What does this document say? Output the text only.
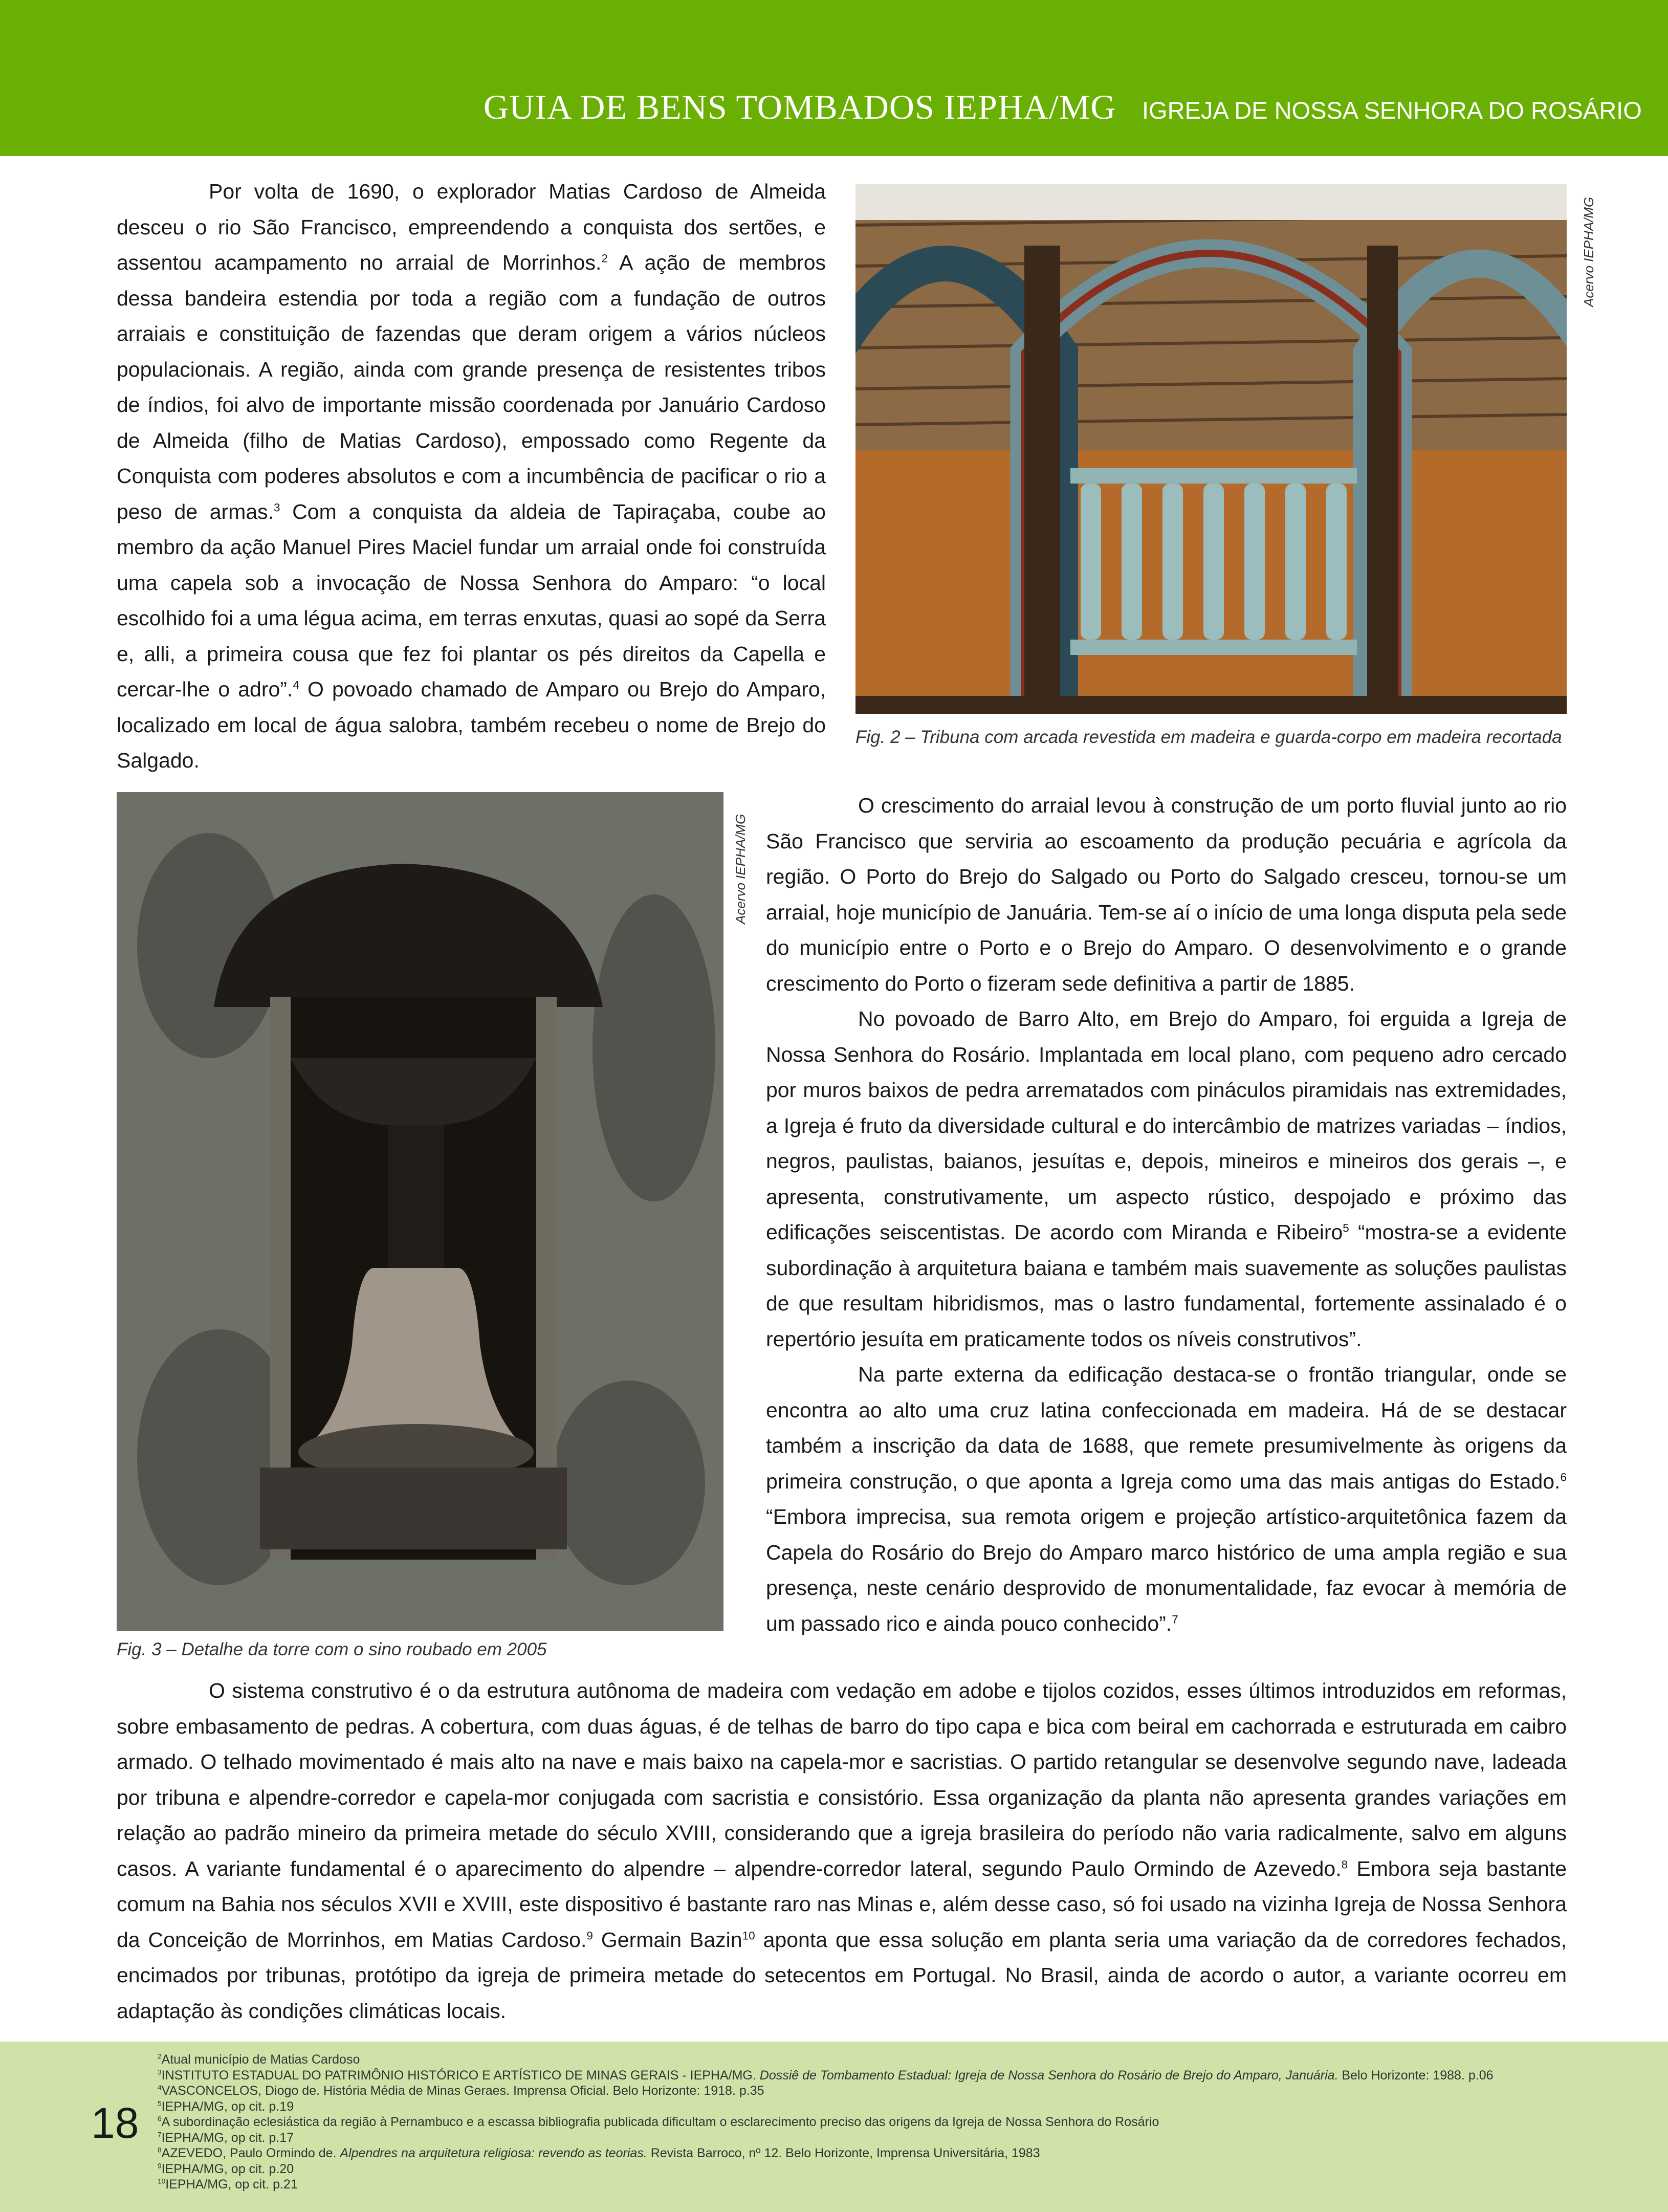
GUIA DE BENS TOMBADOS IEPHA/MG IGREJA DE NOSSA SENHORA DO ROSÁRIO

Por volta de 1690, o explorador Matias Cardoso de Almeida desceu o rio São Francisco, empreendendo a conquista dos sertões, e assentou acampamento no arraial de Morrinhos.$^2$ A ação de membros dessa bandeira estendia por toda a região com a fundação de outros arraiais e constituição de fazendas que deram origem a vários núcleos populacionais. A região, ainda com grande presença de resistentes tribos de índios, foi alvo de importante missão coordenada por Januário Cardoso de Almeida (filho de Matias Cardoso), empossado como Regente da Conquista com poderes absolutos e com a incumbência de pacificar o rio a peso de armas.$^3$ Com a conquista da aldeia de Tapiraçaba, coube ao membro da ação Manuel Pires Maciel fundar um arraial onde foi construída uma capela sob a invocação de Nossa Senhora do Amparo: “o local escolhido foi a uma légua acima, em terras enxutas, quasi ao sopé da Serra e, alli, a primeira cousa que fez foi plantar os pés direitos da Capella e cercar-lhe o adro”.$^4$ O povoado chamado de Amparo ou Brejo do Amparo, localizado em local de água salobra, também recebeu o nome de Brejo do Salgado.

Acervo IEPHA/MG
Fig. 2 – Tribuna com arcada revestida em madeira e guarda-corpo em madeira recortada
Acervo IEPHA/MG
Fig. 3 – Detalhe da torre com o sino roubado em 2005

O crescimento do arraial levou à construção de um porto fluvial junto ao rio São Francisco que serviria ao escoamento da produção pecuária e agrícola da região. O Porto do Brejo do Salgado ou Porto do Salgado cresceu, tornou-se um arraial, hoje município de Januária. Tem-se aí o início de uma longa disputa pela sede do município entre o Porto e o Brejo do Amparo. O desenvolvimento e o grande crescimento do Porto o fizeram sede definitiva a partir de 1885.

No povoado de Barro Alto, em Brejo do Amparo, foi erguida a Igreja de Nossa Senhora do Rosário. Implantada em local plano, com pequeno adro cercado por muros baixos de pedra arrematados com pináculos piramidais nas extremidades, a Igreja é fruto da diversidade cultural e do intercâmbio de matrizes variadas – índios, negros, paulistas, baianos, jesuítas e, depois, mineiros e mineiros dos gerais –, e apresenta, construtivamente, um aspecto rústico, despojado e próximo das edificações seiscentistas. De acordo com Miranda e Ribeiro$^5$ “mostra-se a evidente subordinação à arquitetura baiana e também mais suavemente as soluções paulistas de que resultam hibridismos, mas o lastro fundamental, fortemente assinalado é o repertório jesuíta em praticamente todos os níveis construtivos”.

Na parte externa da edificação destaca-se o frontão triangular, onde se encontra ao alto uma cruz latina confeccionada em madeira. Há de se destacar também a inscrição da data de 1688, que remete presumivelmente às origens da primeira construção, o que aponta a Igreja como uma das mais antigas do Estado.$^6$ “Embora imprecisa, sua remota origem e projeção artístico-arquitetônica fazem da Capela do Rosário do Brejo do Amparo marco histórico de uma ampla região e sua presença, neste cenário desprovido de monumentalidade, faz evocar à memória de um passado rico e ainda pouco conhecido”.$^7$

O sistema construtivo é o da estrutura autônoma de madeira com vedação em adobe e tijolos cozidos, esses últimos introduzidos em reformas, sobre embasamento de pedras. A cobertura, com duas águas, é de telhas de barro do tipo capa e bica com beiral em cachorrada e estruturada em caibro armado. O telhado movimentado é mais alto na nave e mais baixo na capela-mor e sacristias. O partido retangular se desenvolve segundo nave, ladeada por tribuna e alpendre-corredor e capela-mor conjugada com sacristia e consistório. Essa organização da planta não apresenta grandes variações em relação ao padrão mineiro da primeira metade do século XVIII, considerando que a igreja brasileira do período não varia radicalmente, salvo em alguns casos. A variante fundamental é o aparecimento do alpendre – alpendre-corredor lateral, segundo Paulo Ormindo de Azevedo.$^8$ Embora seja bastante comum na Bahia nos séculos XVII e XVIII, este dispositivo é bastante raro nas Minas e, além desse caso, só foi usado na vizinha Igreja de Nossa Senhora da Conceição de Morrinhos, em Matias Cardoso.$^9$ Germain Bazin$^{10}$ aponta que essa solução em planta seria uma variação da de corredores fechados, encimados por tribunas, protótipo da igreja de primeira metade do setecentos em Portugal. No Brasil, ainda de acordo o autor, a variante ocorreu em adaptação às condições climáticas locais.

18
$^2$Atual município de Matias Cardoso
$^3$INSTITUTO ESTADUAL DO PATRIMÔNIO HISTÓRICO E ARTÍSTICO DE MINAS GERAIS - IEPHA/MG. Dossiê de Tombamento Estadual: Igreja de Nossa Senhora do Rosário de Brejo do Amparo, Januária. Belo Horizonte: 1988. p.06
$^4$VASCONCELOS, Diogo de. História Média de Minas Geraes. Imprensa Oficial. Belo Horizonte: 1918. p.35
$^5$IEPHA/MG, op cit. p.19
$^6$A subordinação eclesiástica da região à Pernambuco e a escassa bibliografia publicada dificultam o esclarecimento preciso das origens da Igreja de Nossa Senhora do Rosário
$^7$IEPHA/MG, op cit. p.17
$^8$AZEVEDO, Paulo Ormindo de. Alpendres na arquitetura religiosa: revendo as teorias. Revista Barroco, nº 12. Belo Horizonte, Imprensa Universitária, 1983
$^9$IEPHA/MG, op cit. p.20
$^{10}$IEPHA/MG, op cit. p.21
